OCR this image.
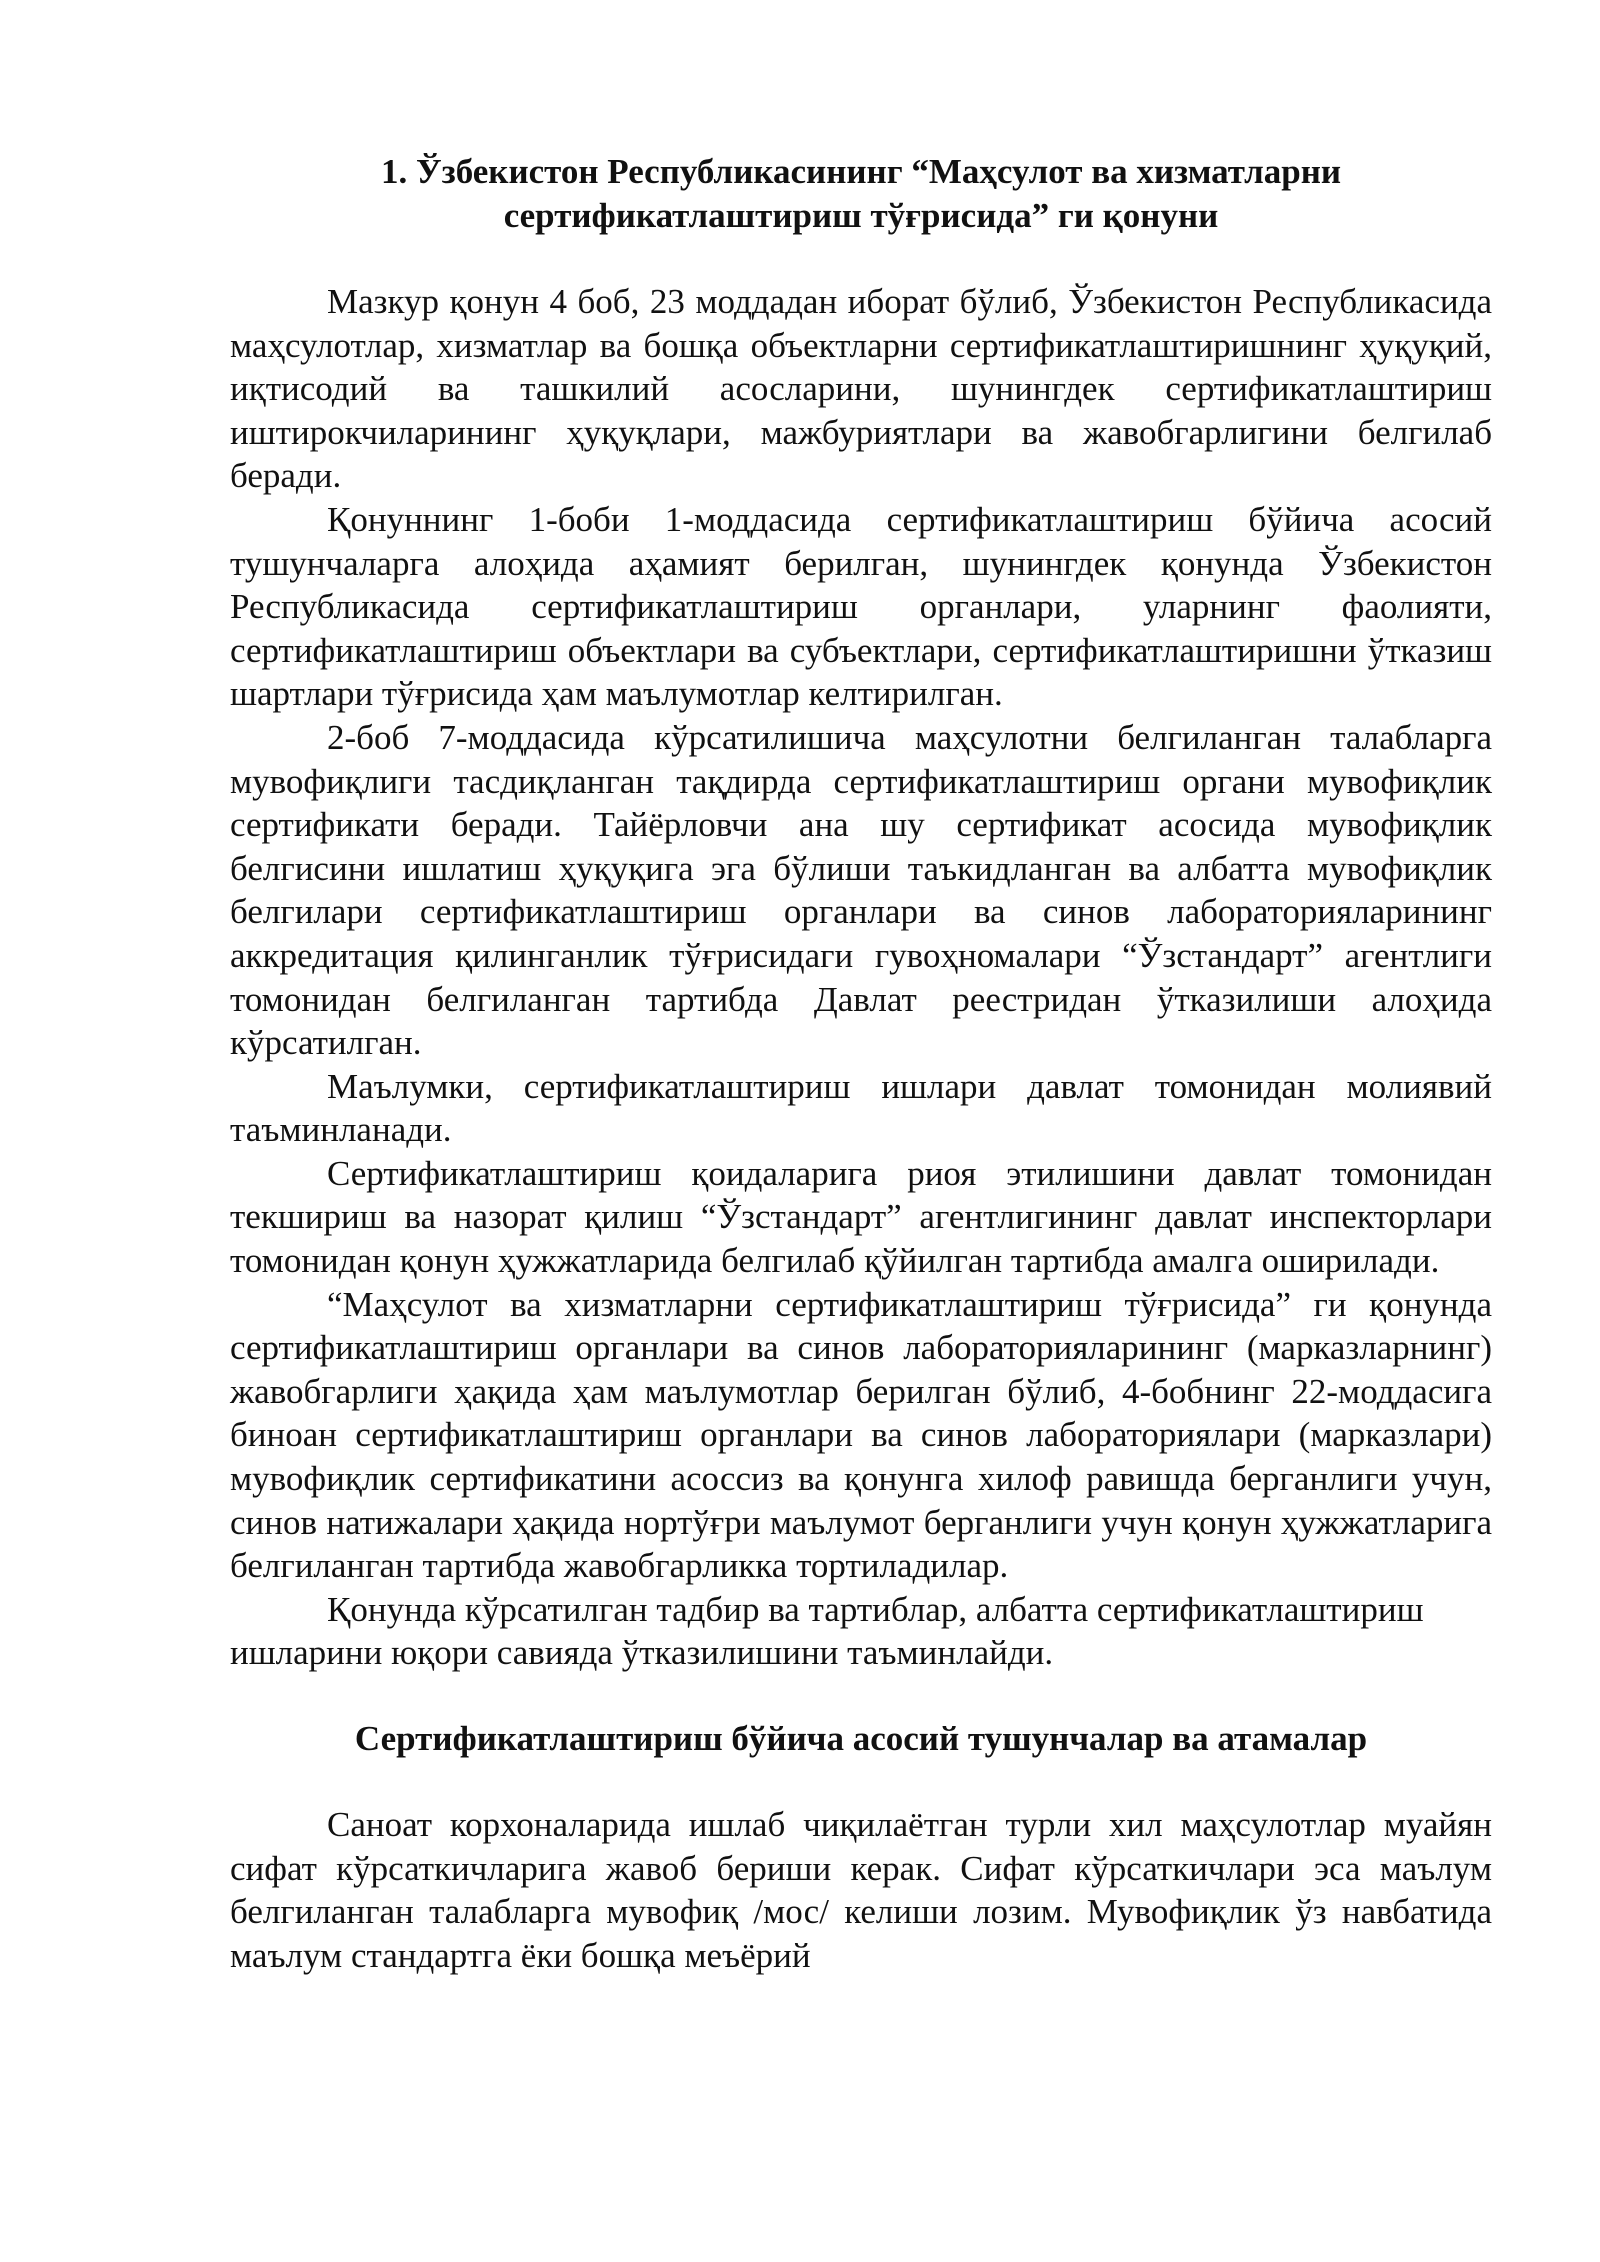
1. Ўзбекистон Республикасининг “Маҳсулот ва хизматларни
сертификатлаштириш тўғрисида” ги қонуни

Мазкур қонун 4 боб, 23 моддадан иборат бўлиб, Ўзбекистон Республикасида маҳсулотлар, хизматлар ва бошқа объектларни сертификатлаштиришнинг ҳуқуқий, иқтисодий ва ташкилий асосларини, шунингдек сертификатлаштириш иштирокчиларининг ҳуқуқлари, мажбуриятлари ва жавобгарлигини белгилаб беради.

Қонуннинг 1-боби 1-моддасида сертификатлаштириш бўйича асосий тушунчаларга алоҳида аҳамият берилган, шунингдек қонунда Ўзбекистон Республикасида сертификатлаштириш органлари, уларнинг фаолияти, сертификатлаштириш объектлари ва субъектлари, сертификатлаштиришни ўтказиш шартлари тўғрисида ҳам маълумотлар келтирилган.

2-боб 7-моддасида кўрсатилишича маҳсулотни белгиланган талабларга мувофиқлиги тасдиқланган тақдирда сертификатлаштириш органи мувофиқлик сертификати беради. Тайёрловчи ана шу сертификат асосида мувофиқлик белгисини ишлатиш ҳуқуқига эга бўлиши таъкидланган ва албатта мувофиқлик белгилари сертификатлаштириш органлари ва синов лабораторияларининг аккредитация қилинганлик тўғрисидаги гувоҳномалари “Ўзстандарт” агентлиги томонидан белгиланган тартибда Давлат реестридан ўтказилиши алоҳида кўрсатилган.

Маълумки, сертификатлаштириш ишлари давлат томонидан молиявий таъминланади.

Сертификатлаштириш қоидаларига риоя этилишини давлат томонидан текшириш ва назорат қилиш “Ўзстандарт” агентлигининг давлат инспекторлари томонидан қонун ҳужжатларида белгилаб қўйилган тартибда амалга оширилади.

“Маҳсулот ва хизматларни сертификатлаштириш тўғрисида” ги қонунда сертификатлаштириш органлари ва синов лабораторияларининг (марказларнинг) жавобгарлиги ҳақида ҳам маълумотлар берилган бўлиб, 4-бобнинг 22-моддасига биноан сертификатлаштириш органлари ва синов лабораториялари (марказлари) мувофиқлик сертификатини асоссиз ва қонунга хилоф равишда берганлиги учун, синов натижалари ҳақида нортўғри маълумот берганлиги учун қонун ҳужжатларига белгиланган тартибда жавобгарликка тортиладилар.

Қонунда кўрсатилган тадбир ва тартиблар, албатта сертификатлаштириш ишларини юқори савияда ўтказилишини таъминлайди.

Сертификатлаштириш бўйича асосий тушунчалар ва атамалар

Саноат корхоналарида ишлаб чиқилаётган турли хил маҳсулотлар муайян сифат кўрсаткичларига жавоб бериши керак. Сифат кўрсаткичлари эса маълум белгиланган талабларга мувофиқ /мос/ келиши лозим. Мувофиқлик ўз навбатида маълум стандартга ёки бошқа меъёрий
